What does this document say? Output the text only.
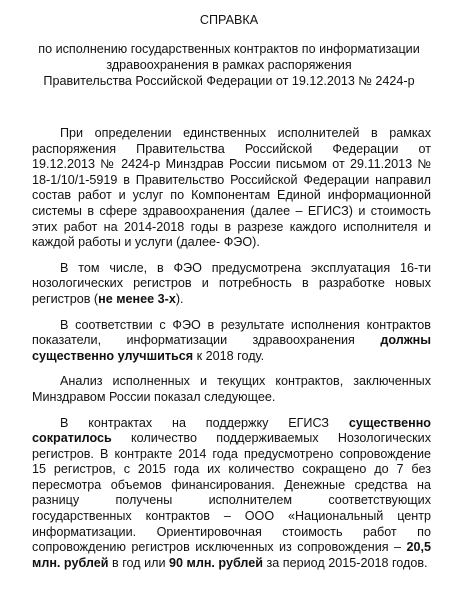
СПРАВКА

по исполнению государственных контрактов по информатизации

здравоохранения в рамках распоряжения

Правительства Российской Федерации от 19.12.2013 № 2424-р

При определении единственных исполнителей в рамках распоряжения Правительства Российской Федерации от 19.12.2013 № 2424-р Минздрав России письмом от 29.11.2013 № 18-1/10/1-5919 в Правительство Российской Федерации направил состав работ и услуг по Компонентам Единой информационной системы в сфере здравоохранения (далее – ЕГИСЗ) и стоимость этих работ на 2014-2018 годы в разрезе каждого исполнителя и каждой работы и услуги (далее- ФЭО).

В том числе, в ФЭО предусмотрена эксплуатация 16-ти нозологических регистров и потребность в разработке новых регистров (не менее 3-х).

В соответствии с ФЭО в результате исполнения контрактов показатели, информатизации здравоохранения должны существенно улучшиться к 2018 году.

Анализ исполненных и текущих контрактов, заключенных Минздравом России показал следующее.

В контрактах на поддержку ЕГИСЗ существенно сократилось количество поддерживаемых Нозологических регистров. В контракте 2014 года предусмотрено сопровождение 15 регистров, с 2015 года их количество сокращено до 7 без пересмотра объемов финансирования. Денежные средства на разницу получены исполнителем соответствующих государственных контрактов – ООО «Национальный центр информатизации. Ориентировочная стоимость работ по сопровождению регистров исключенных из сопровождения – 20,5 млн. рублей в год или 90 млн. рублей за период 2015-2018 годов.
